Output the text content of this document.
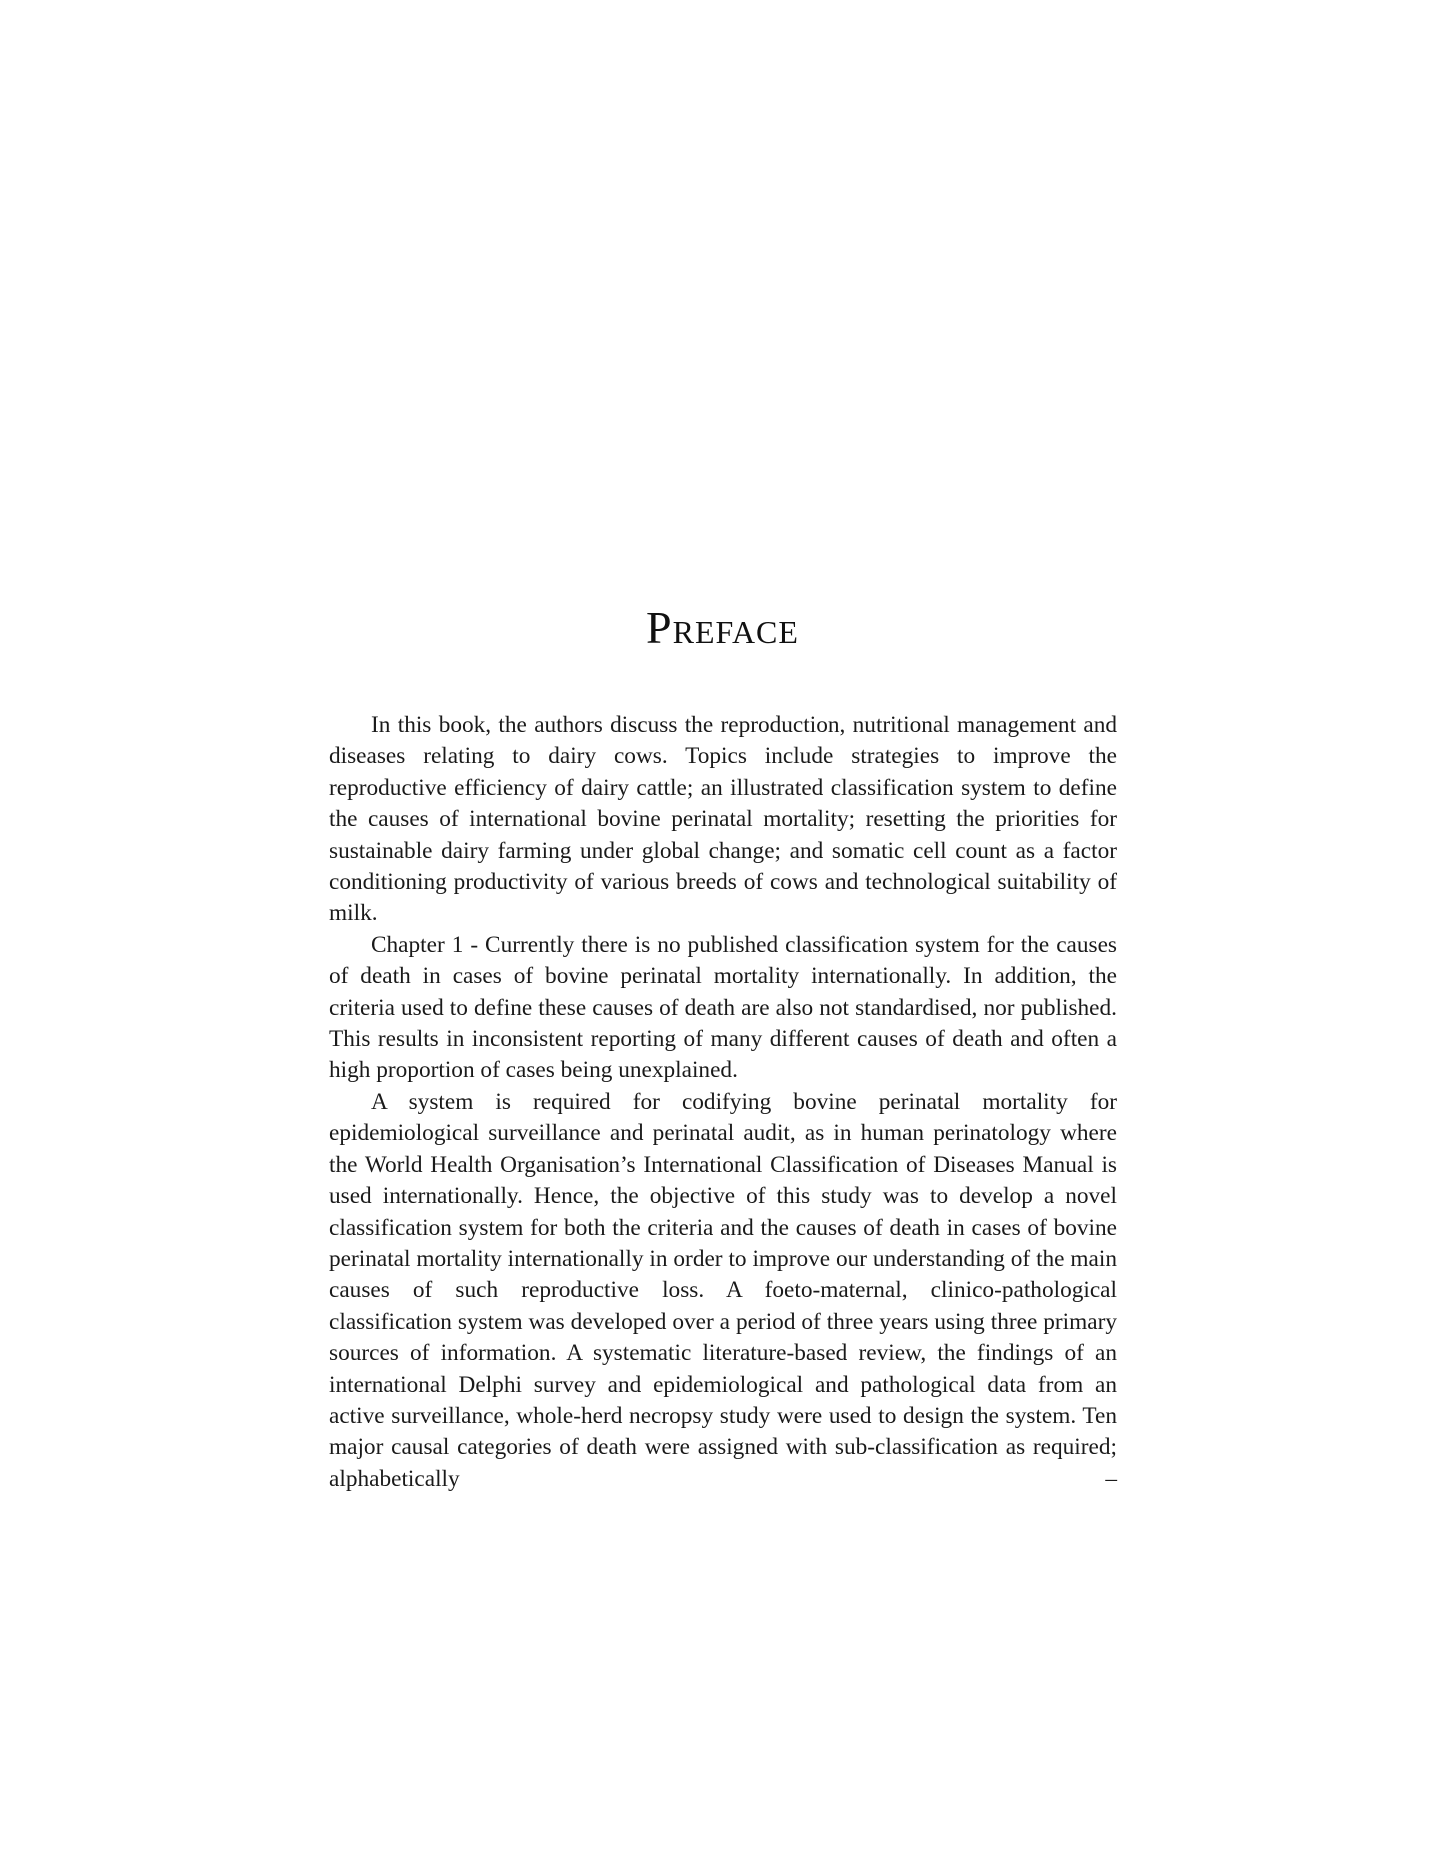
Preface

In this book, the authors discuss the reproduction, nutritional management and diseases relating to dairy cows. Topics include strategies to improve the reproductive efficiency of dairy cattle; an illustrated classification system to define the causes of international bovine perinatal mortality; resetting the priorities for sustainable dairy farming under global change; and somatic cell count as a factor conditioning productivity of various breeds of cows and technological suitability of milk.

Chapter 1 - Currently there is no published classification system for the causes of death in cases of bovine perinatal mortality internationally. In addition, the criteria used to define these causes of death are also not standardised, nor published. This results in inconsistent reporting of many different causes of death and often a high proportion of cases being unexplained.

A system is required for codifying bovine perinatal mortality for epidemiological surveillance and perinatal audit, as in human perinatology where the World Health Organisation’s International Classification of Diseases Manual is used internationally. Hence, the objective of this study was to develop a novel classification system for both the criteria and the causes of death in cases of bovine perinatal mortality internationally in order to improve our understanding of the main causes of such reproductive loss. A foeto-maternal, clinico-pathological classification system was developed over a period of three years using three primary sources of information. A systematic literature-based review, the findings of an international Delphi survey and epidemiological and pathological data from an active surveillance, whole-herd necropsy study were used to design the system. Ten major causal categories of death were assigned with sub-classification as required; alphabetically –
